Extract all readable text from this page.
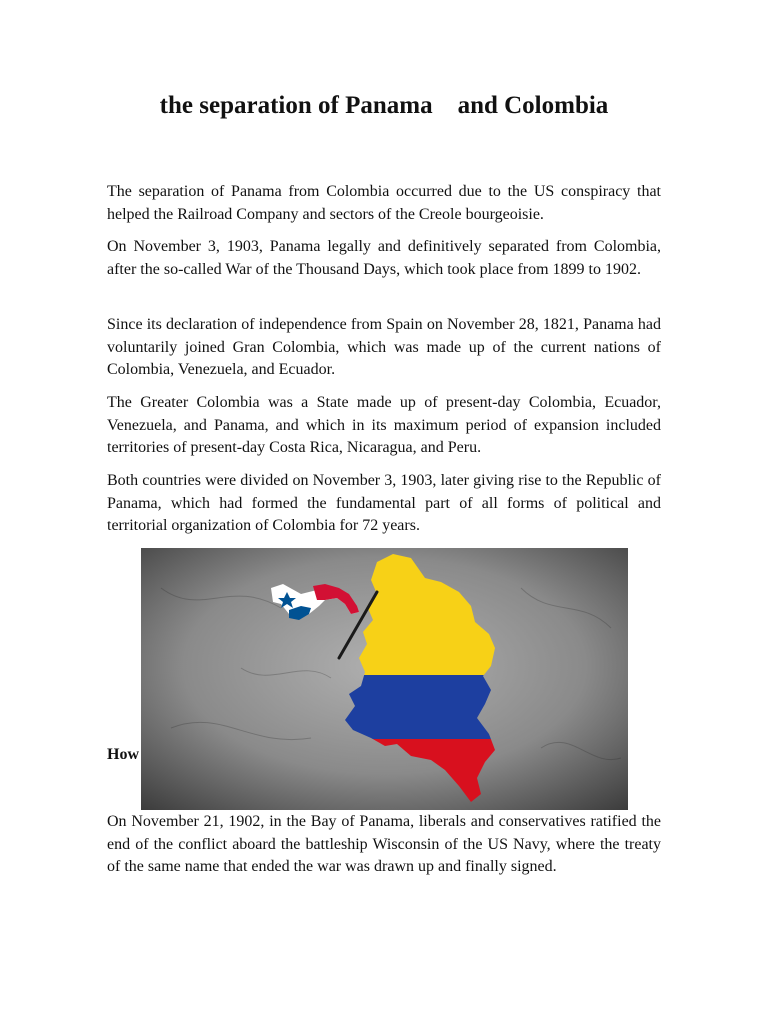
the separation of Panama    and Colombia

The separation of Panama from Colombia occurred due to the US conspiracy that helped the Railroad Company and sectors of the Creole bourgeoisie.

On November 3, 1903, Panama legally and definitively separated from Colombia, after the so-called War of the Thousand Days, which took place from 1899 to 1902.

Since its declaration of independence from Spain on November 28, 1821, Panama had voluntarily joined Gran Colombia, which was made up of the current nations of Colombia, Venezuela, and Ecuador.

The Greater Colombia was a State made up of present-day Colombia, Ecuador, Venezuela, and Panama, and which in its maximum period of expansion included territories of present-day Costa Rica, Nicaragua, and Peru.

Both countries were divided on November 3, 1903, later giving rise to the Republic of Panama, which had formed the fundamental part of all forms of political and territorial organization of Colombia for 72 years.

How

On November 21, 1902, in the Bay of Panama, liberals and conservatives ratified the end of the conflict aboard the battleship Wisconsin of the US Navy, where the treaty of the same name that ended the war was drawn up and finally signed.
